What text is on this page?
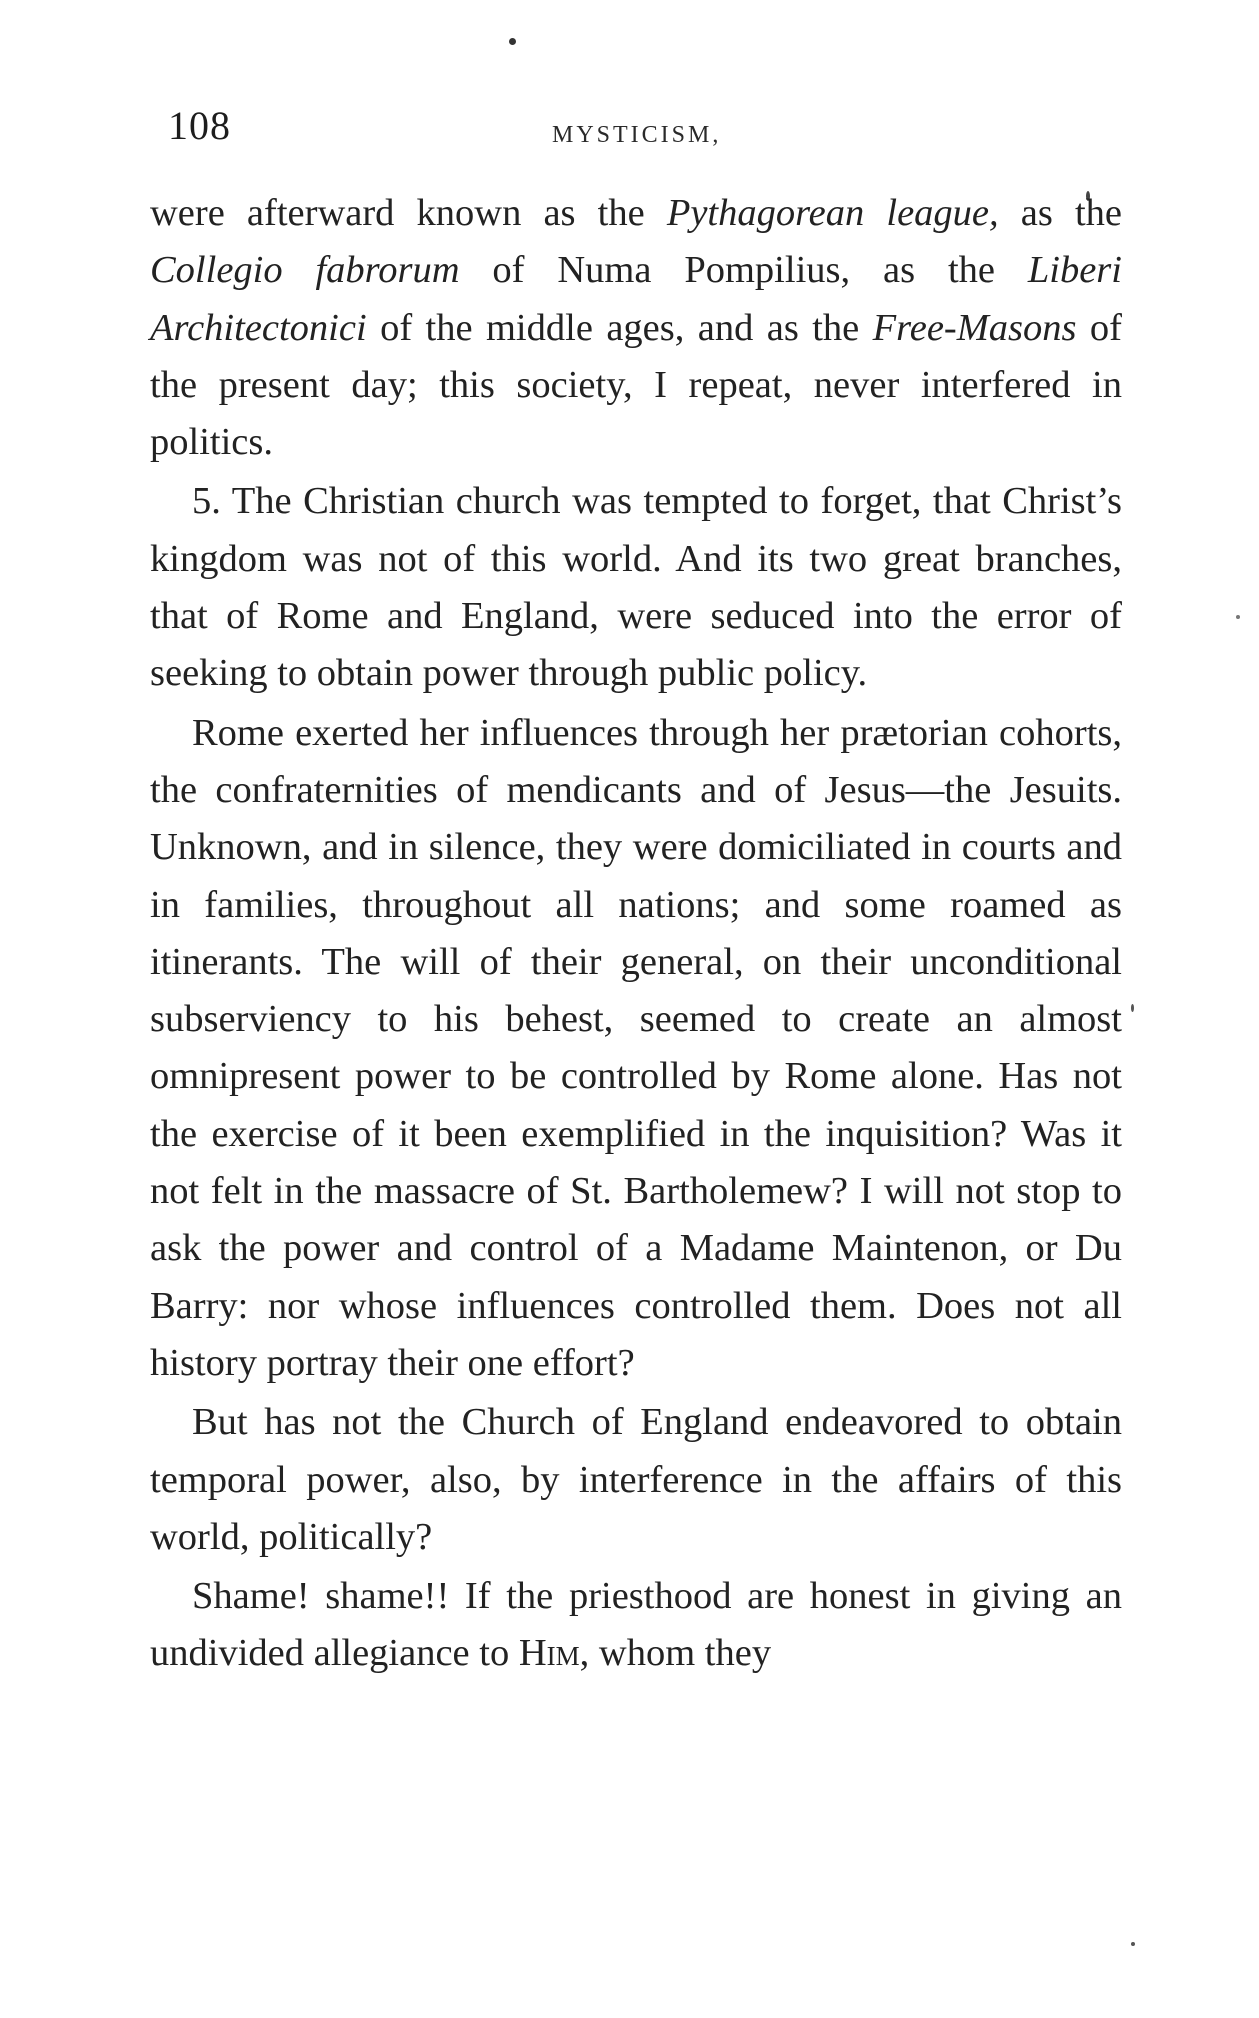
108	MYSTICISM,

were afterward known as the Pythagorean league, as the Collegio fabrorum of Numa Pompilius, as the Liberi Architectonici of the middle ages, and as the Free-Masons of the present day; this society, I repeat, never interfered in politics.

5. The Christian church was tempted to forget, that Christ’s kingdom was not of this world. And its two great branches, that of Rome and England, were seduced into the error of seeking to obtain power through public policy.

Rome exerted her influences through her prætorian cohorts, the confraternities of mendicants and of Jesus—the Jesuits. Unknown, and in silence, they were domiciliated in courts and in families, throughout all nations; and some roamed as itinerants. The will of their general, on their unconditional subserviency to his behest, seemed to create an almost omnipresent power to be controlled by Rome alone. Has not the exercise of it been exemplified in the inquisition? Was it not felt in the massacre of St. Bartholemew? I will not stop to ask the power and control of a Madame Maintenon, or Du Barry: nor whose influences controlled them. Does not all history portray their one effort?

But has not the Church of England endeavored to obtain temporal power, also, by interference in the affairs of this world, politically?

Shame! shame!! If the priesthood are honest in giving an undivided allegiance to Him, whom they
